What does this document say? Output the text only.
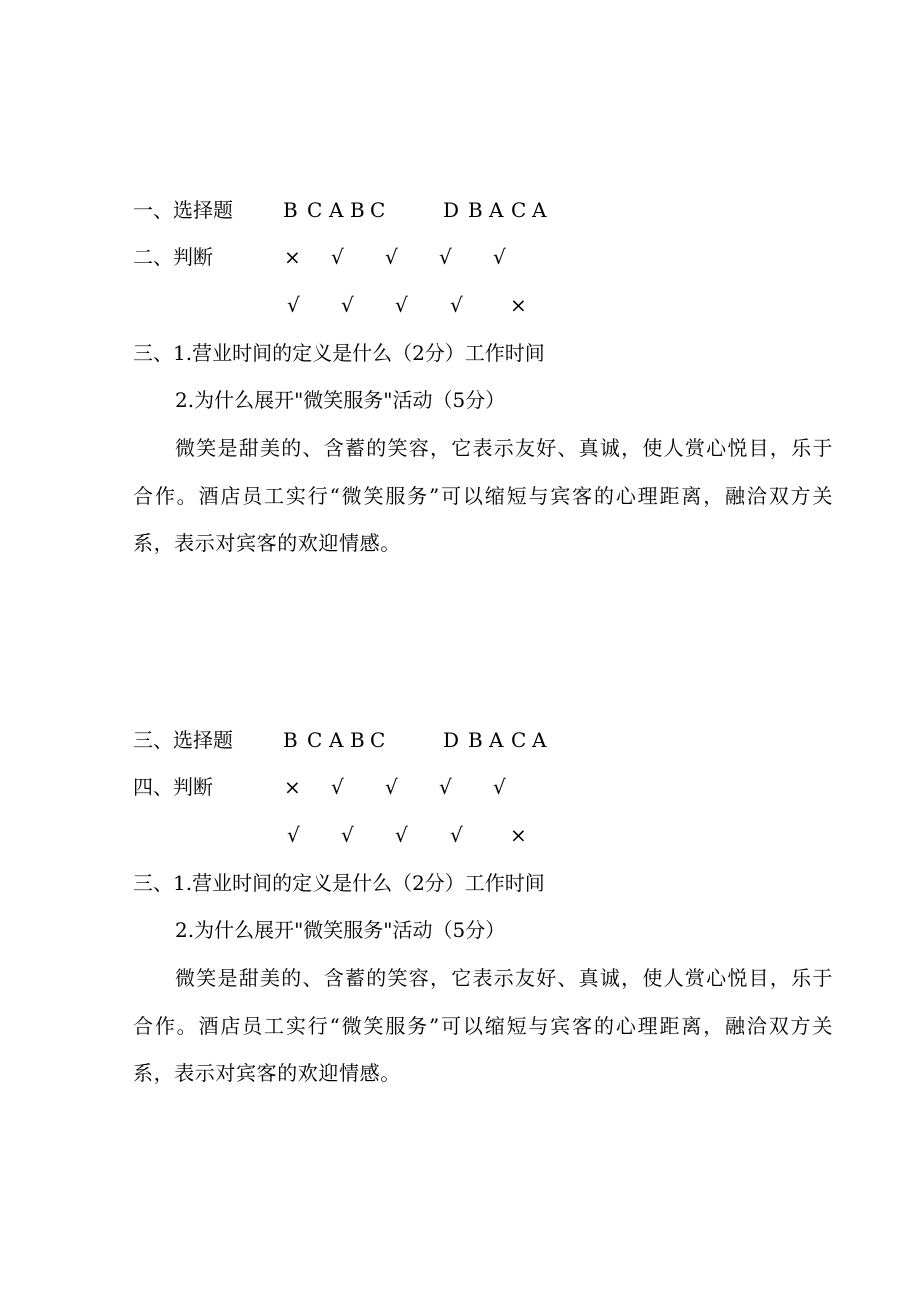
一、选择题	B C A B C	D B A C A
二、判断	× √ √ √ √
√ √ √ √ ×
三、1.营业时间的定义是什么（2分）工作时间
2.为什么展开"微笑服务"活动（5分）
微笑是甜美的、含蓄的笑容，它表示友好、真诚，使人赏心悦目，乐于合作。酒店员工实行“微笑服务”可以缩短与宾客的心理距离，融洽双方关系，表示对宾客的欢迎情感。
三、选择题	B C A B C	D B A C A
四、判断	× √ √ √ √
√ √ √ √ ×
三、1.营业时间的定义是什么（2分）工作时间
2.为什么展开"微笑服务"活动（5分）
微笑是甜美的、含蓄的笑容，它表示友好、真诚，使人赏心悦目，乐于合作。酒店员工实行“微笑服务”可以缩短与宾客的心理距离，融洽双方关系，表示对宾客的欢迎情感。
